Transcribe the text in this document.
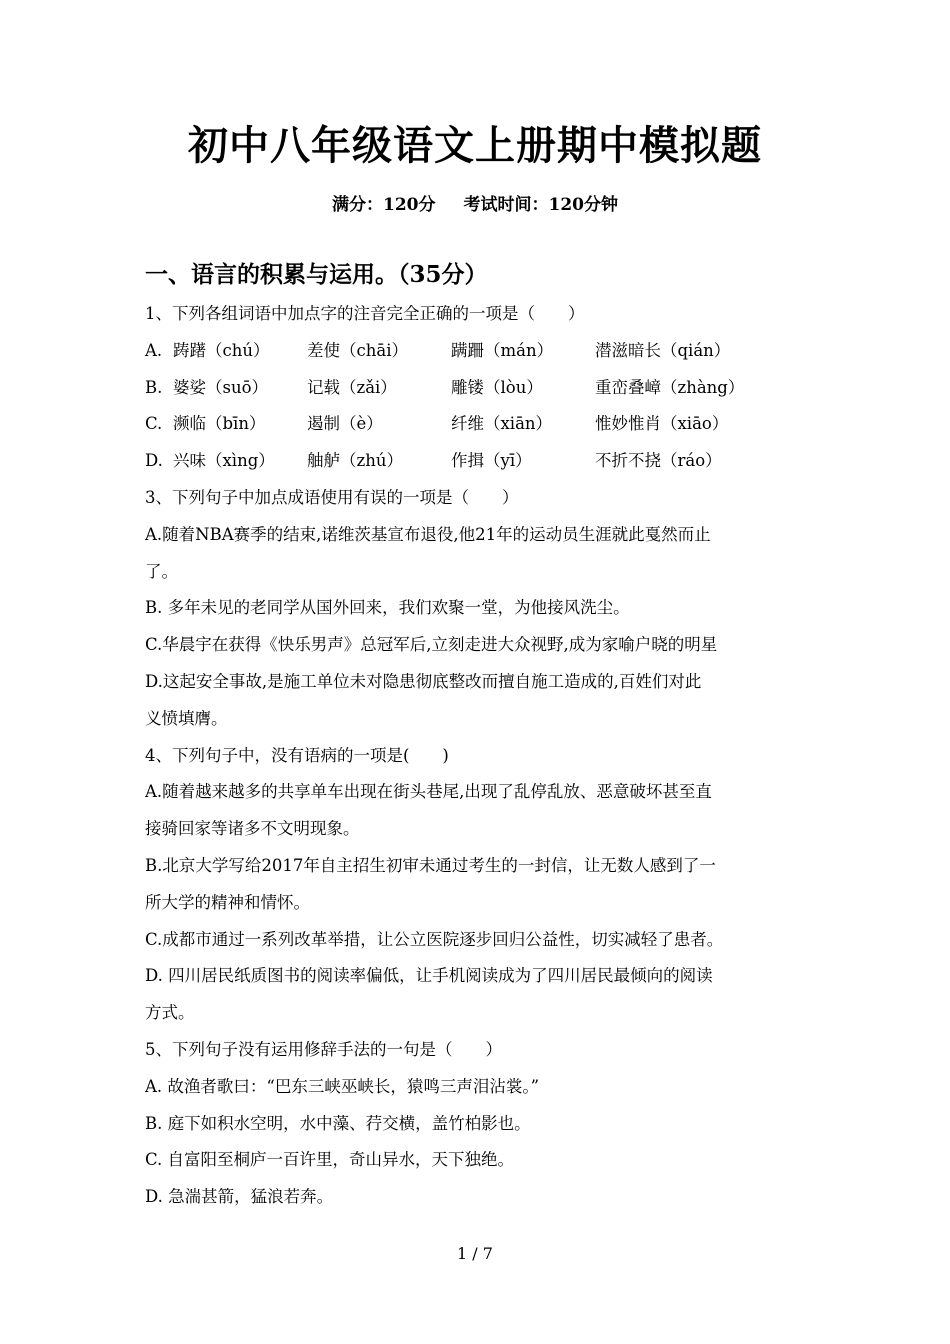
初中八年级语文上册期中模拟题
满分：120分 考试时间：120分钟
一、语言的积累与运用。（35分）
1、下列各组词语中加点字的注音完全正确的一项是（　　）
A. 踌躇（chú）	差使（chāi）	蹒跚（mán）	潜滋暗长（qián）
B. 婆娑（suō）	记载（zǎi）	雕镂（lòu）	重峦叠嶂（zhàng）
C. 濒临（bīn）	遏制（è）	纤维（xiān）	惟妙惟肖（xiāo）
D. 兴味（xìng）	舳舻（zhú）	作揖（yī）	不折不挠（ráo）
3、下列句子中加点成语使用有误的一项是（　　）
A.随着NBA赛季的结束,诺维茨基宣布退役,他21年的运动员生涯就此戛然而止
了。
B. 多年未见的老同学从国外回来，我们欢聚一堂，为他接风洗尘。
C.华晨宇在获得《快乐男声》总冠军后,立刻走进大众视野,成为家喻户晓的明星
D.这起安全事故,是施工单位未对隐患彻底整改而擅自施工造成的,百姓们对此
义愤填膺。
4、下列句子中，没有语病的一项是(　　)
A.随着越来越多的共享单车出现在街头巷尾,出现了乱停乱放、恶意破坏甚至直
接骑回家等诸多不文明现象。
B.北京大学写给2017年自主招生初审未通过考生的一封信，让无数人感到了一
所大学的精神和情怀。
C.成都市通过一系列改革举措，让公立医院逐步回归公益性，切实减轻了患者。
D. 四川居民纸质图书的阅读率偏低，让手机阅读成为了四川居民最倾向的阅读
方式。
5、下列句子没有运用修辞手法的一句是（　　）
A. 故渔者歌曰：“巴东三峡巫峡长，猿鸣三声泪沾裳。”
B. 庭下如积水空明，水中藻、荇交横，盖竹柏影也。
C. 自富阳至桐庐一百许里，奇山异水，天下独绝。
D. 急湍甚箭，猛浪若奔。
1 / 7
